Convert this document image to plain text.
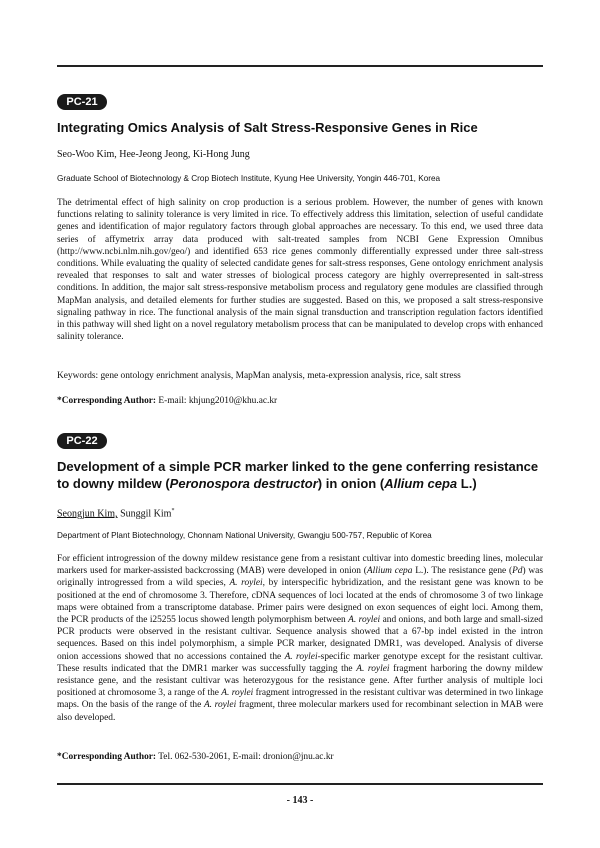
PC-21
Integrating Omics Analysis of Salt Stress-Responsive Genes in Rice
Seo-Woo Kim, Hee-Jeong Jeong, Ki-Hong Jung
Graduate School of Biotechnology & Crop Biotech Institute, Kyung Hee University, Yongin 446-701, Korea
The detrimental effect of high salinity on crop production is a serious problem. However, the number of genes with known functions relating to salinity tolerance is very limited in rice. To effectively address this limitation, selection of useful candidate genes and identification of major regulatory factors through global approaches are necessary. To this end, we used three data series of affymetrix array data produced with salt-treated samples from NCBI Gene Expression Omnibus (http://www.ncbi.nlm.nih.gov/geo/) and identified 653 rice genes commonly differentially expressed under three salt-stress conditions. While evaluating the quality of selected candidate genes for salt-stress responses, Gene ontology enrichment analysis revealed that responses to salt and water stresses of biological process category are highly overrepresented in salt-stress conditions. In addition, the major salt stress-responsive metabolism process and regulatory gene modules are classified through MapMan analysis, and detailed elements for further studies are suggested. Based on this, we proposed a salt stress-responsive signaling pathway in rice. The functional analysis of the main signal transduction and transcription regulation factors identified in this pathway will shed light on a novel regulatory metabolism process that can be manipulated to develop crops with enhanced salinity tolerance.
Keywords: gene ontology enrichment analysis, MapMan analysis, meta-expression analysis, rice, salt stress
*Corresponding Author: E-mail: khjung2010@khu.ac.kr
PC-22
Development of a simple PCR marker linked to the gene conferring resistance to downy mildew (Peronospora destructor) in onion (Allium cepa L.)
Seongjun Kim, Sunggil Kim*
Department of Plant Biotechnology, Chonnam National University, Gwangju 500-757, Republic of Korea
For efficient introgression of the downy mildew resistance gene from a resistant cultivar into domestic breeding lines, molecular markers used for marker-assisted backcrossing (MAB) were developed in onion (Allium cepa L.). The resistance gene (Pd) was originally introgressed from a wild species, A. roylei, by interspecific hybridization, and the resistant gene was known to be positioned at the end of chromosome 3. Therefore, cDNA sequences of loci located at the ends of chromosome 3 of two linkage maps were obtained from a transcriptome database. Primer pairs were designed on exon sequences of eight loci. Among them, the PCR products of the i25255 locus showed length polymorphism between A. roylei and onions, and both large and small-sized PCR products were observed in the resistant cultivar. Sequence analysis showed that a 67-bp indel existed in the intron sequences. Based on this indel polymorphism, a simple PCR marker, designated DMR1, was developed. Analysis of diverse onion accessions showed that no accessions contained the A. roylei-specific marker genotype except for the resistant cultivar. These results indicated that the DMR1 marker was successfully tagging the A. roylei fragment harboring the downy mildew resistance gene, and the resistant cultivar was heterozygous for the resistance gene. After further analysis of multiple loci positioned at chromosome 3, a range of the A. roylei fragment introgressed in the resistant cultivar was determined in two linkage maps. On the basis of the range of the A. roylei fragment, three molecular markers used for recombinant selection in MAB were also developed.
*Corresponding Author: Tel. 062-530-2061, E-mail: dronion@jnu.ac.kr
- 143 -
